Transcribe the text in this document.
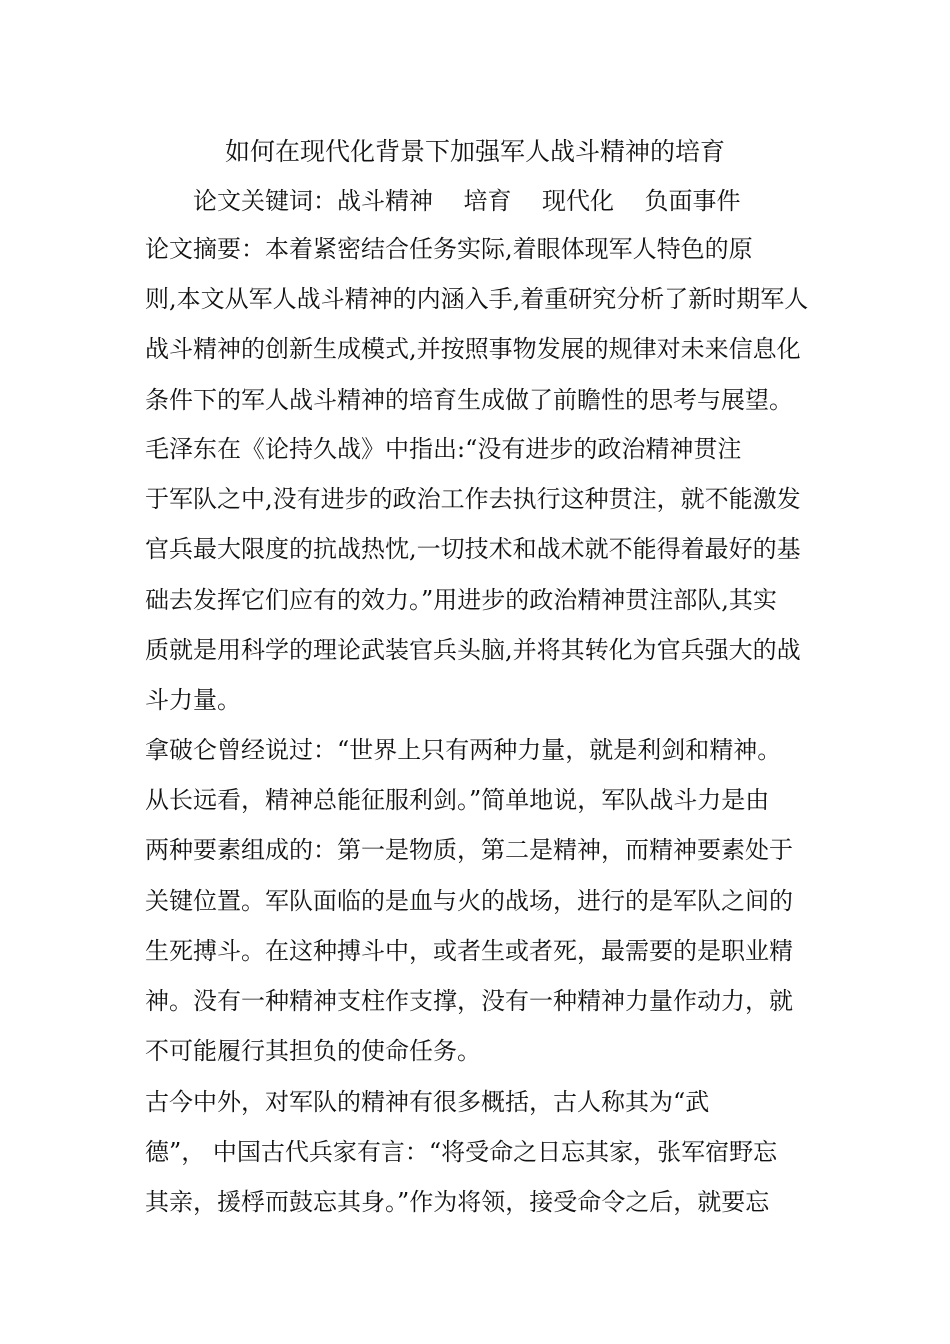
如何在现代化背景下加强军人战斗精神的培育

论文关键词：战斗精神    培育    现代化    负面事件

论文摘要：本着紧密结合任务实际,着眼体现军人特色的原
则,本文从军人战斗精神的内涵入手,着重研究分析了新时期军人
战斗精神的创新生成模式,并按照事物发展的规律对未来信息化
条件下的军人战斗精神的培育生成做了前瞻性的思考与展望。

毛泽东在《论持久战》中指出:“没有进步的政治精神贯注
于军队之中,没有进步的政治工作去执行这种贯注，就不能激发
官兵最大限度的抗战热忱,一切技术和战术就不能得着最好的基
础去发挥它们应有的效力。”用进步的政治精神贯注部队,其实
质就是用科学的理论武装官兵头脑,并将其转化为官兵强大的战
斗力量。

拿破仑曾经说过：“世界上只有两种力量，就是利剑和精神。
从长远看，精神总能征服利剑。”简单地说，军队战斗力是由
两种要素组成的：第一是物质，第二是精神，而精神要素处于
关键位置。军队面临的是血与火的战场，进行的是军队之间的
生死搏斗。在这种搏斗中，或者生或者死，最需要的是职业精
神。没有一种精神支柱作支撑，没有一种精神力量作动力，就
不可能履行其担负的使命任务。

古今中外，对军队的精神有很多概括，古人称其为“武
德”， 中国古代兵家有言：“将受命之日忘其家，张军宿野忘
其亲，援桴而鼓忘其身。”作为将领，接受命令之后，就要忘
